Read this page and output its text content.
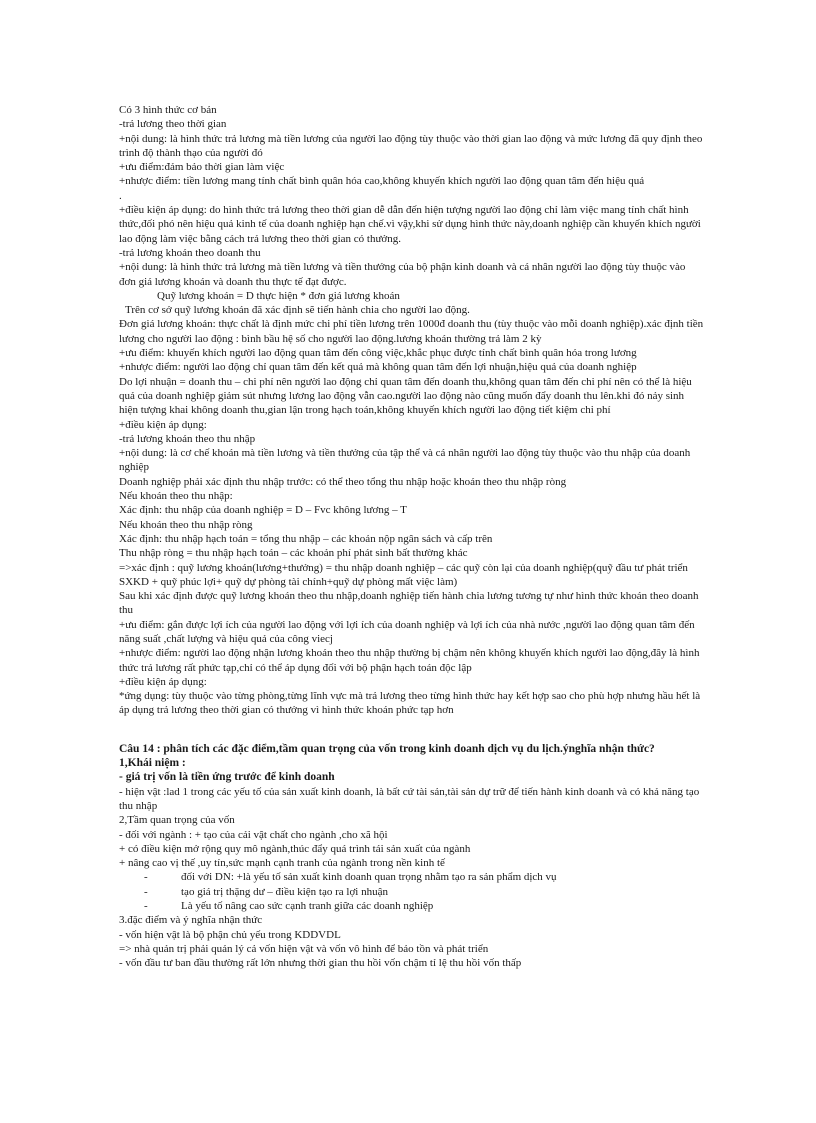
Có 3 hình thức cơ bản

-trả lương theo thời gian

+nội dung: là hình thức trả lương mà tiền lương của người lao động tùy thuộc vào thời gian lao động và mức lương đã quy định theo trình độ thành thạo của người đó

+ưu điểm:đảm bảo thời gian làm việc

+nhược điểm: tiền lương mang tính chất bình quân hóa cao,không khuyến khích người lao động quan tâm đến hiệu quả

.

+điều kiện áp dụng: do hình thức trả lương theo thời gian dễ dẫn đến hiện tượng người lao động chỉ làm việc mang tính chất hình thức,đối phó nên hiệu quả kinh tế của doanh nghiệp hạn chế.vì vậy,khi sử dụng hình thức này,doanh nghiệp cần khuyến khích người lao động làm việc bằng cách trả lương theo thời gian có thưởng.

-trả lương khoán theo doanh thu

+nội dung: là hình thức trả lương mà tiền lương và tiền thưởng của bộ phận kinh doanh và cá nhân người lao động tùy thuộc vào đơn giá lương khoán và doanh thu thực tế đạt được.

Quỹ lương khoán = D thực hiện * đơn giá lương khoán

Trên cơ sở quỹ lương khoán đã xác định sẽ tiến hành chia cho người lao động.

Đơn giá lương khoán: thực chất là định mức chi phí tiền lương trên 1000đ doanh thu (tùy thuộc vào mỗi doanh nghiệp).xác định tiền lương cho người lao động : bình bầu hệ số cho người lao động.lương khoán thường trả làm 2 kỳ

+ưu điểm: khuyến khích người lao động quan tâm đến công việc,khắc phục được tính chất bình quân hóa trong lương

+nhược điểm: người lao động chỉ quan tâm đến kết quả mà không quan tâm đến lợi nhuận,hiệu quả của doanh nghiệp

Do lợi nhuận = doanh thu – chi phí nên người lao động chỉ quan tâm đến doanh thu,không quan tâm đến chi phí nên có thể là hiệu quả của doanh nghiệp giảm sút nhưng lương lao động vẫn cao.người lao động nào cũng muốn đẩy doanh thu lên.khi đó nảy sinh hiện tượng khai không doanh thu,gian lận trong hạch toán,không khuyến khích người lao động tiết kiệm chi phí

+điều kiện áp dụng:

-trả lương khoán theo thu nhập

+nội dung: là cơ chế khoán mà tiền lương và tiền thưởng của tập thể và cá nhân người lao động tùy thuộc vào thu nhập của doanh nghiệp

Doanh nghiệp phải xác định thu nhập trước: có thể theo tổng thu nhập hoặc khoán theo thu nhập ròng

Nếu khoán theo thu nhập:

Xác định: thu nhập của doanh nghiệp = D – Fvc không lương – T

Nếu khoán theo thu nhập ròng

Xác định: thu nhập hạch toán = tổng thu nhập – các khoản nộp ngân sách và cấp trên

Thu nhập ròng = thu nhập hạch toán – các khoản phí phát sinh bất thường khác

=>xác định : quỹ lương khoán(lương+thưởng) = thu nhập doanh nghiệp – các quỹ còn lại của doanh nghiệp(quỹ đầu tư phát triển SXKD + quỹ phúc lợi+ quỹ dự phòng tài chính+quỹ dự phòng mất việc làm)

Sau khi xác định được quỹ lương khoán theo thu nhập,doanh nghiệp tiến hành chia lương tương tự như hình thức khoán theo doanh thu

+ưu điểm: gắn được lợi ích của người lao động với lợi ích của doanh nghiệp và lợi ích của nhà nước ,người lao động quan tâm đến năng suất ,chất lượng và hiệu quả của công viecj

+nhược điểm: người lao động nhận lương khoán theo thu nhập thường bị chậm nên không khuyến khích người lao động,đây là hình thức trả lương rất phức tạp,chỉ có thể áp dụng đối với bộ phận hạch toán độc lập

+điều kiện áp dụng:

*ứng dụng: tùy thuộc vào từng phòng,từng lĩnh vực mà trả lương theo từng hình thức hay kết hợp sao cho phù hợp nhưng hầu hết là áp dụng trả lương theo thời gian có thưởng vì hình thức khoán phức tạp hơn

Câu 14 : phân tích các đặc điểm,tầm quan trọng của vốn trong kinh doanh dịch vụ du lịch.ýnghĩa nhận thức?

1,Khái niệm :

- giá trị vốn là tiền ứng trước để kinh doanh

- hiện vật :lad 1 trong các yếu tố của sản xuất kinh doanh, là bất cứ tài sản,tài sản dự trữ để tiến hành kinh doanh và có khả năng tạo thu nhập

2,Tầm quan trọng của vốn

- đối với ngành : + tạo của cải vật chất cho ngành ,cho xã hội

+ có điều kiện mở rộng quy mô ngành,thúc đẩy quá trình tái sản xuất của ngành

+ nâng cao vị thế ,uy tín,sức mạnh cạnh tranh của ngành trong nền kinh tế

- đối với DN: +là yếu tố sản xuất kinh doanh quan trọng nhằm tạo ra sản phẩm dịch vụ

- tạo giá trị thặng dư – điều kiện tạo ra lợi nhuận

- Là yếu tố nâng cao sức cạnh tranh giữa các doanh nghiệp

3.đặc điểm và ý nghĩa nhận thức

- vốn hiện vật là bộ phận chủ yếu trong KDDVDL

=> nhà quản trị phải quản lý cả vốn hiện vật và vốn vô hình để bảo tồn và phát triển

- vốn đầu tư ban đầu thường rất lớn nhưng thời gian thu hồi vốn chậm tỉ lệ thu hồi vốn thấp
